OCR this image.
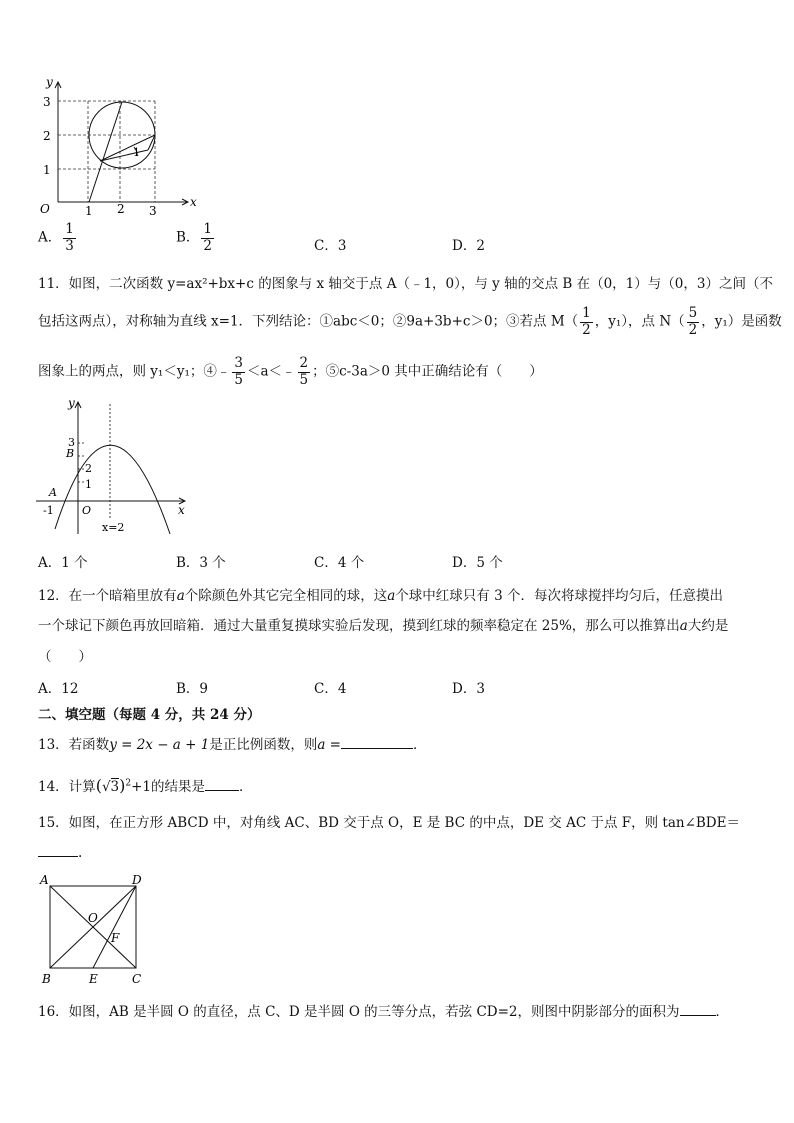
y
x
O	1 2 3
3
2
1
1
A． $\frac{1}{3}$	B． $\frac{1}{2}$	C．3	D．2
11．如图，二次函数 y=ax²+bx+c 的图象与 x 轴交于点 A（﹣1，0），与 y 轴的交点 B 在（0，1）与（0，3）之间（不
包括这两点），对称轴为直线 x=1．下列结论：①abc＜0；②9a+3b+c＞0；③若点 $M( \frac{1}{2}$ ，y₁），点 $N( \frac{5}{2}$ ，y₁）是函数
图象上的两点，则 y₁＜y₁；④﹣ $\frac{3}{5}$ ＜a＜﹣ $\frac{2}{5}$ ；⑤c-3a＞0 其中正确结论有（　　）
y
x
3
B
2
1
A
-1	O
x=2
A．1 个	B．3 个	C．4 个	D．5 个
12．在一个暗箱里放有a个除颜色外其它完全相同的球，这a个球中红球只有 3 个．每次将球搅拌均匀后，任意摸出
一个球记下颜色再放回暗箱．通过大量重复摸球实验后发现，摸到红球的频率稳定在 25%，那么可以推算出a大约是
（　　）
A．12	B．9	C．4	D．3
二、填空题（每题 4 分，共 24 分）
13．若函数y = 2x − a + 1是正比例函数，则a =	．
14．计算$(√3)^2+1$的结果是	．
15．如图，在正方形 ABCD 中，对角线 AC、BD 交于点 O，E 是 BC 的中点，DE 交 AC 于点 F，则 tan∠BDE＝
.
A	D
O
F
B	E	C
16．如图，AB 是半圆 O 的直径，点 C、D 是半圆 O 的三等分点，若弦 CD=2，则图中阴影部分的面积为	．
